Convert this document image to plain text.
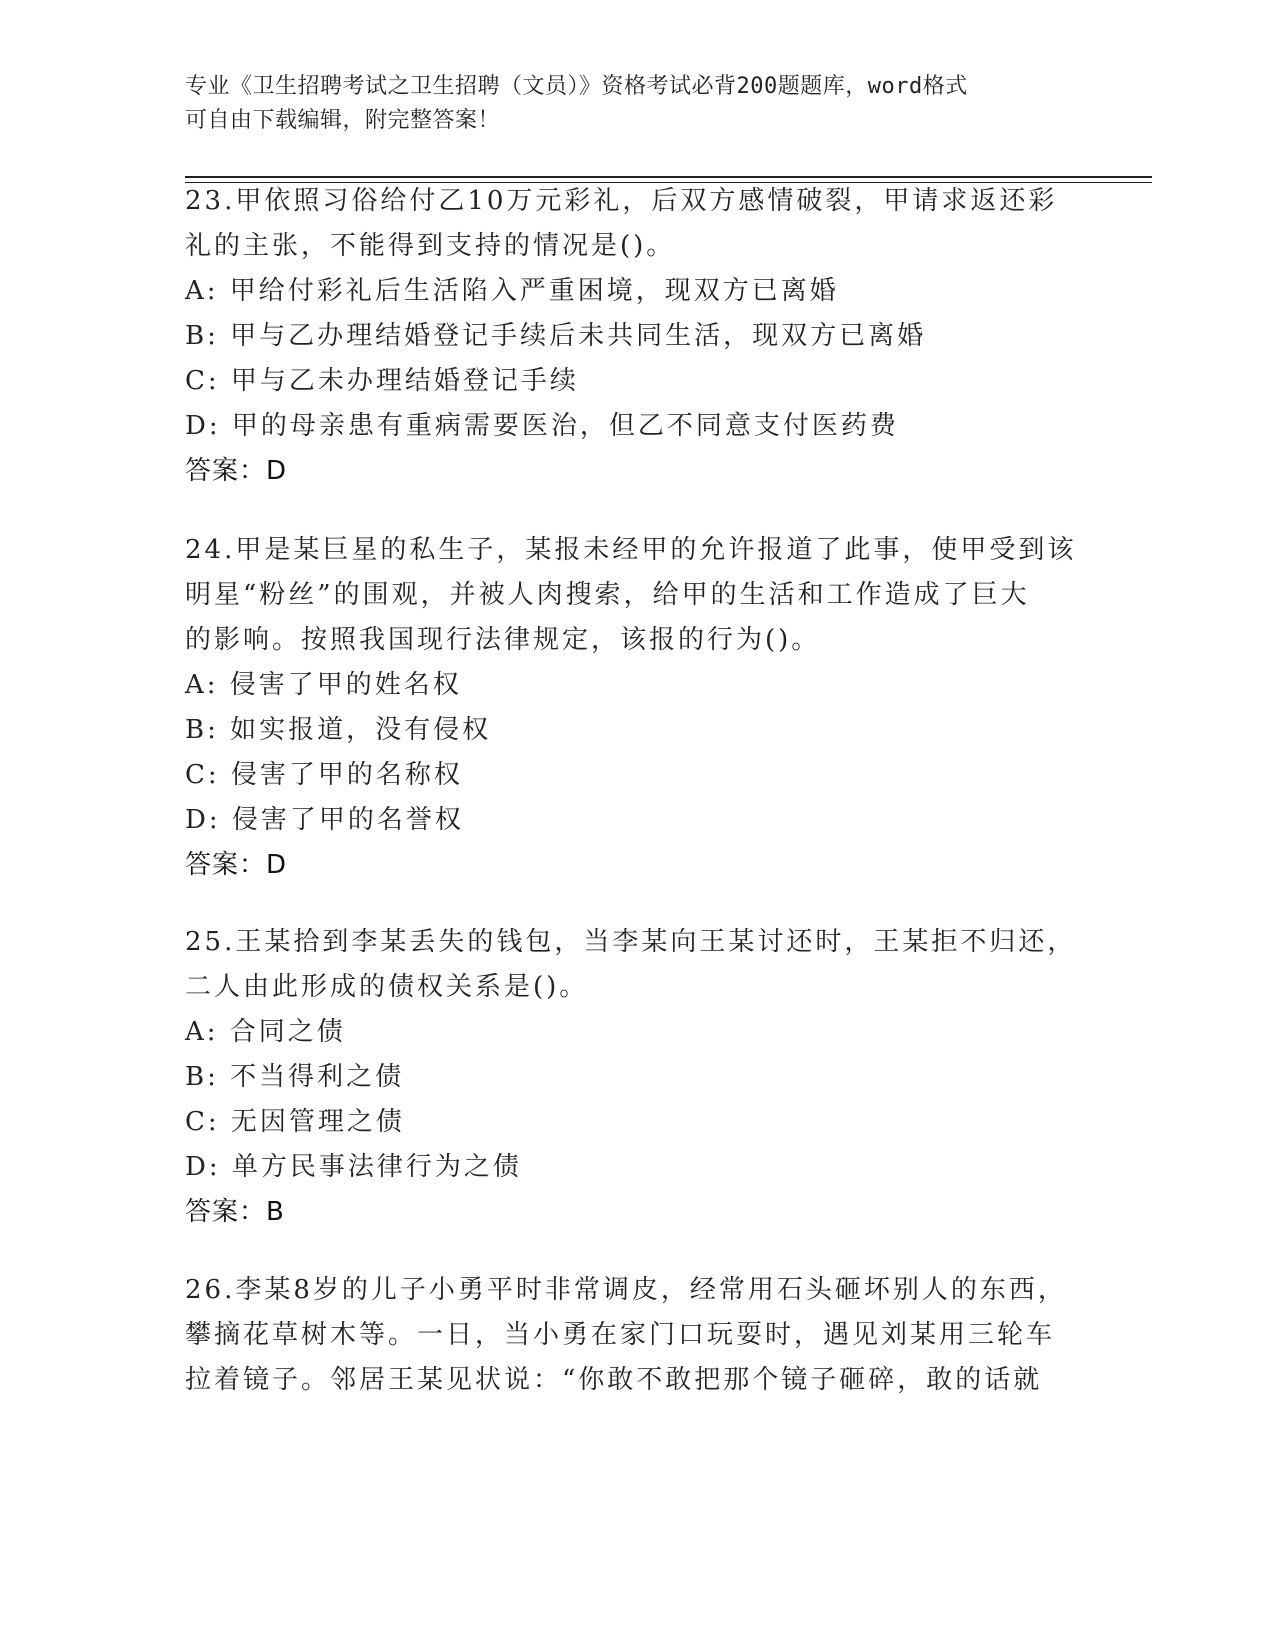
专业《卫生招聘考试之卫生招聘（文员）》资格考试必背200题题库，word格式
可自由下载编辑，附完整答案！
23.甲依照习俗给付乙10万元彩礼，后双方感情破裂，甲请求返还彩
礼的主张，不能得到支持的情况是()。
A: 甲给付彩礼后生活陷入严重困境，现双方已离婚
B: 甲与乙办理结婚登记手续后未共同生活，现双方已离婚
C: 甲与乙未办理结婚登记手续
D: 甲的母亲患有重病需要医治，但乙不同意支付医药费
答案：D
24.甲是某巨星的私生子，某报未经甲的允许报道了此事，使甲受到该
明星“粉丝”的围观，并被人肉搜索，给甲的生活和工作造成了巨大
的影响。按照我国现行法律规定，该报的行为()。
A: 侵害了甲的姓名权
B: 如实报道，没有侵权
C: 侵害了甲的名称权
D: 侵害了甲的名誉权
答案：D
25.王某拾到李某丢失的钱包，当李某向王某讨还时，王某拒不归还，
二人由此形成的债权关系是()。
A: 合同之债
B: 不当得利之债
C: 无因管理之债
D: 单方民事法律行为之债
答案：B
26.李某8岁的儿子小勇平时非常调皮，经常用石头砸坏别人的东西，
攀摘花草树木等。一日，当小勇在家门口玩耍时，遇见刘某用三轮车
拉着镜子。邻居王某见状说：“你敢不敢把那个镜子砸碎，敢的话就
